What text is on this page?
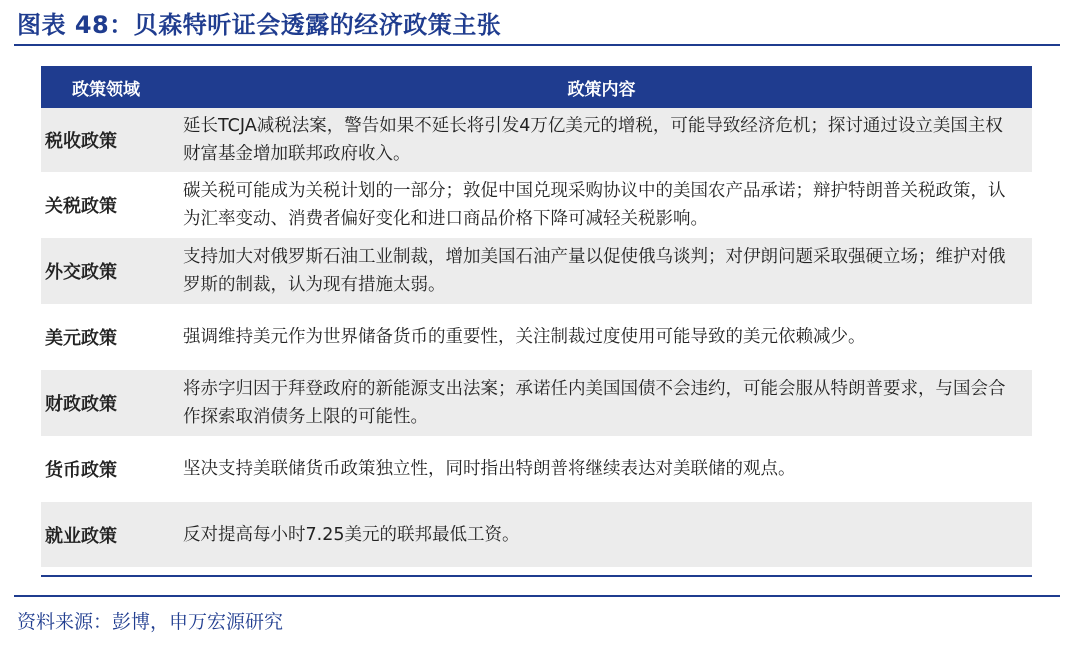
图表 48：贝森特听证会透露的经济政策主张
政策领域	政策内容
税收政策	延长TCJA减税法案，警告如果不延长将引发4万亿美元的增税，可能导致经济危机；探讨通过设立美国主权财富基金增加联邦政府收入。
关税政策	碳关税可能成为关税计划的一部分；敦促中国兑现采购协议中的美国农产品承诺；辩护特朗普关税政策，认为汇率变动、消费者偏好变化和进口商品价格下降可减轻关税影响。
外交政策	支持加大对俄罗斯石油工业制裁，增加美国石油产量以促使俄乌谈判；对伊朗问题采取强硬立场；维护对俄罗斯的制裁，认为现有措施太弱。
美元政策	强调维持美元作为世界储备货币的重要性，关注制裁过度使用可能导致的美元依赖减少。
财政政策	将赤字归因于拜登政府的新能源支出法案；承诺任内美国国债不会违约，可能会服从特朗普要求，与国会合作探索取消债务上限的可能性。
货币政策	坚决支持美联储货币政策独立性，同时指出特朗普将继续表达对美联储的观点。
就业政策	反对提高每小时7.25美元的联邦最低工资。
资料来源：彭博，申万宏源研究
